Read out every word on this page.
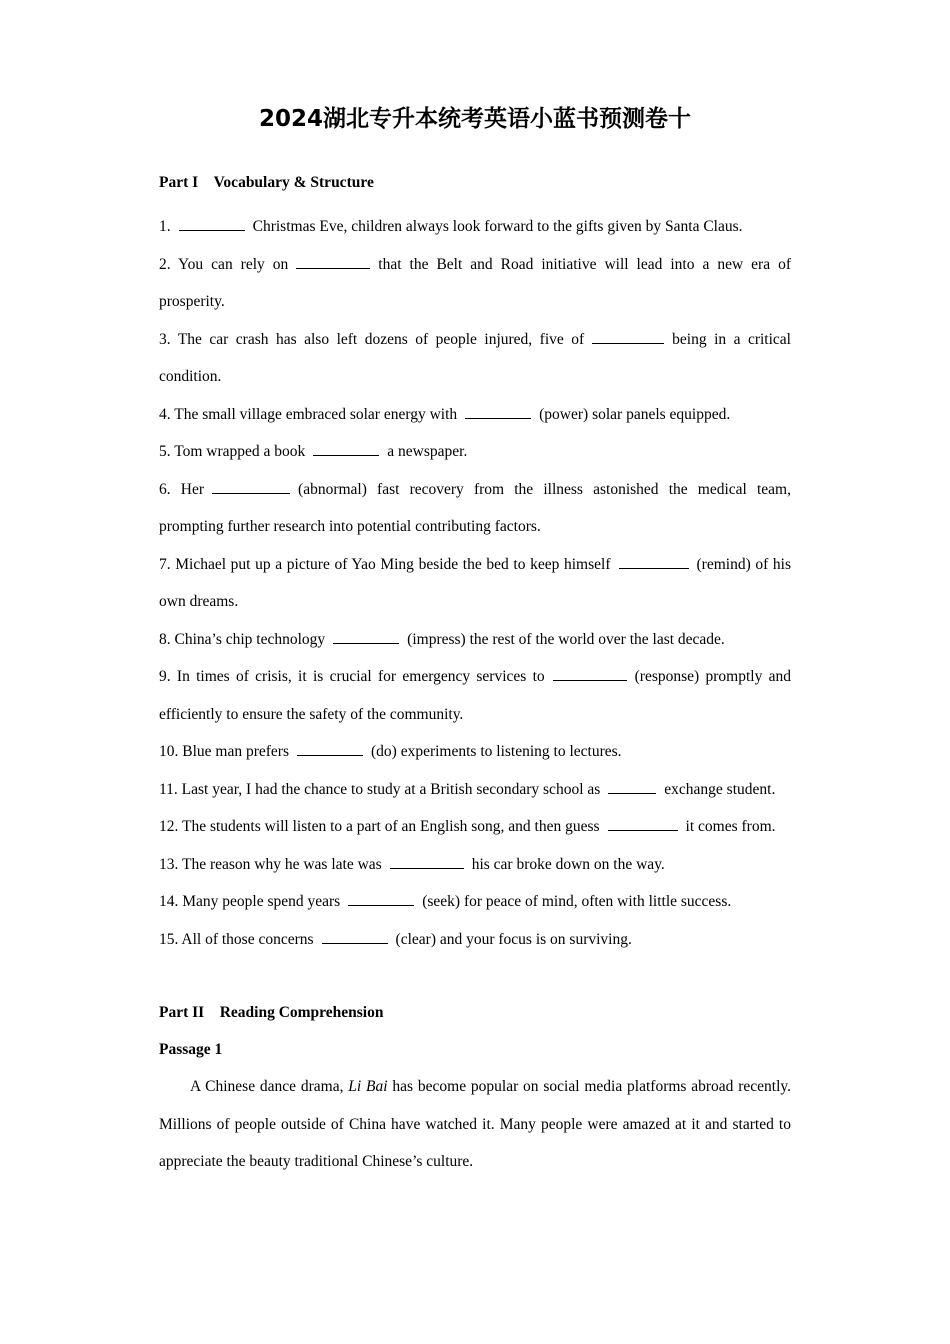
2024湖北专升本统考英语小蓝书预测卷十
Part I　Vocabulary & Structure
1.	Christmas Eve, children always look forward to the gifts given by Santa Claus.
2. You can rely on	that the Belt and Road initiative will lead into a new era of prosperity.
3. The car crash has also left dozens of people injured, five of	being in a critical condition.
4. The small village embraced solar energy with	(power) solar panels equipped.
5. Tom wrapped a book	a newspaper.
6. Her	(abnormal) fast recovery from the illness astonished the medical team, prompting further research into potential contributing factors.
7. Michael put up a picture of Yao Ming beside the bed to keep himself	(remind) of his own dreams.
8. China’s chip technology	(impress) the rest of the world over the last decade.
9. In times of crisis, it is crucial for emergency services to	(response) promptly and efficiently to ensure the safety of the community.
10. Blue man prefers	(do) experiments to listening to lectures.
11. Last year, I had the chance to study at a British secondary school as	exchange student.
12. The students will listen to a part of an English song, and then guess	it comes from.
13. The reason why he was late was	his car broke down on the way.
14. Many people spend years	(seek) for peace of mind, often with little success.
15. All of those concerns	(clear) and your focus is on surviving.
Part II　Reading Comprehension
Passage 1
A Chinese dance drama, Li Bai has become popular on social media platforms abroad recently. Millions of people outside of China have watched it. Many people were amazed at it and started to appreciate the beauty traditional Chinese’s culture.
